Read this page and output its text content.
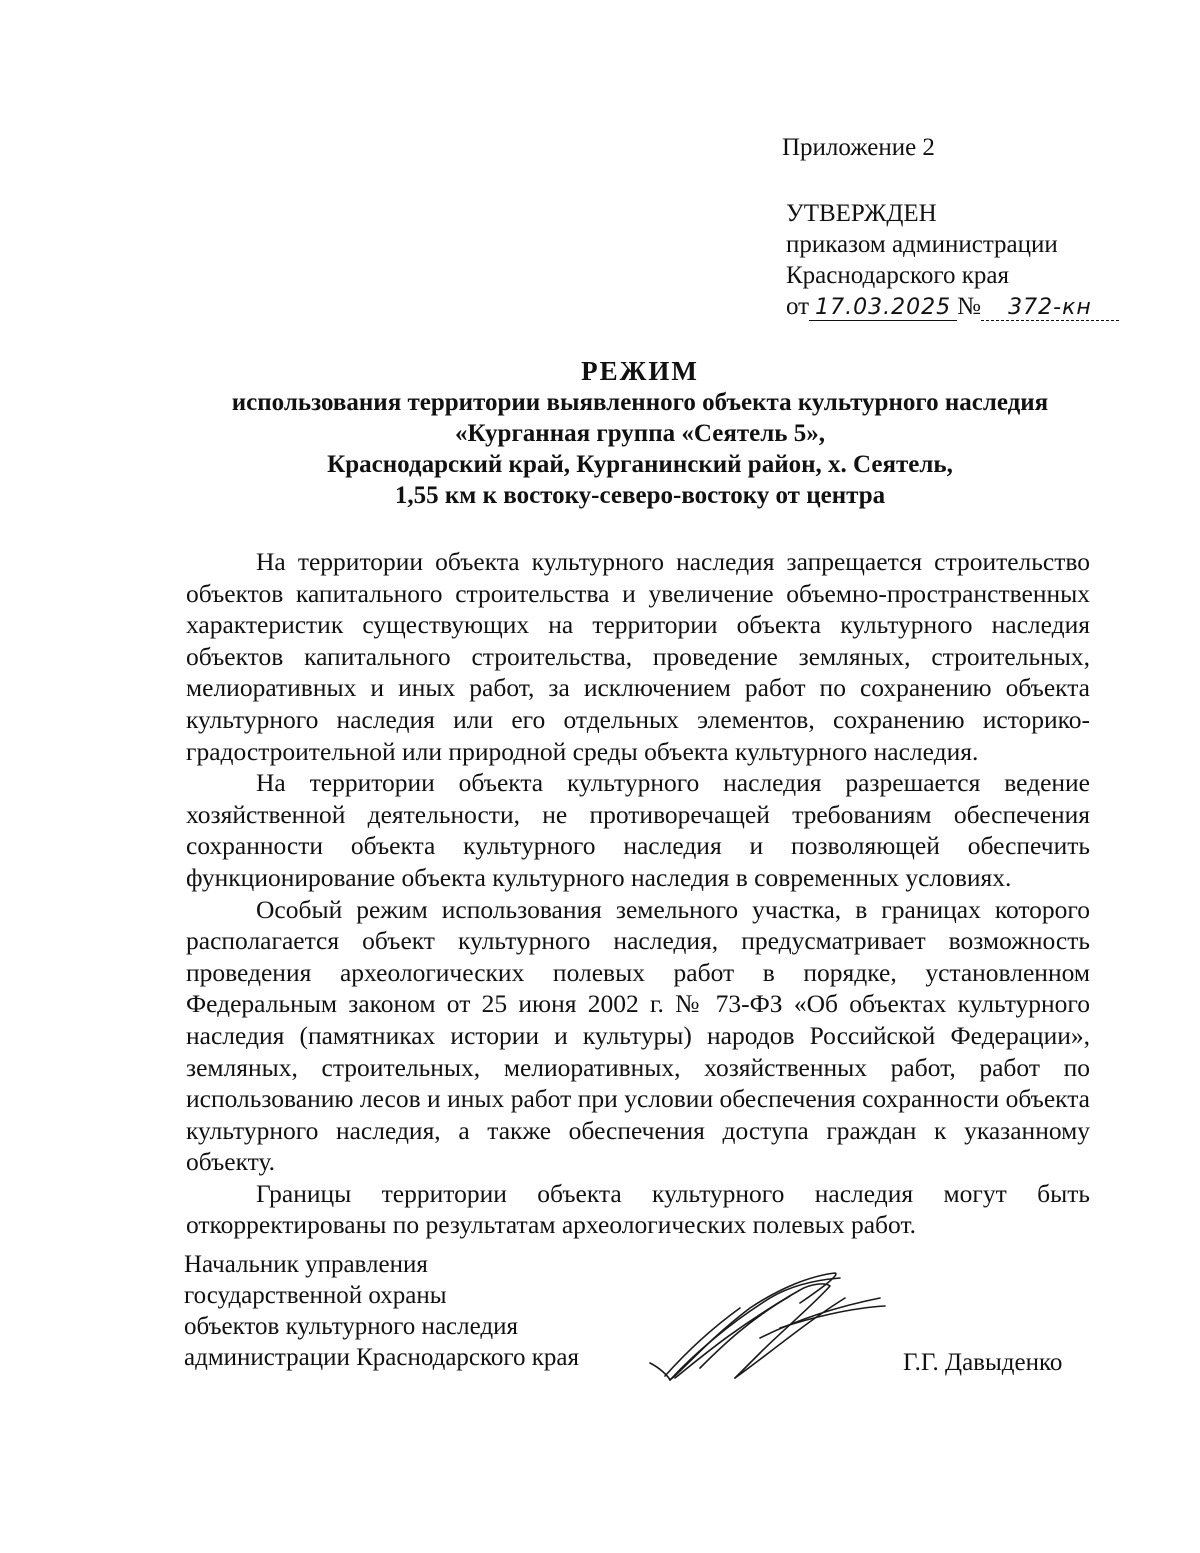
Приложение 2
УТВЕРЖДЕН
приказом администрации
Краснодарского края
от 17.03.2025 № 372-кн
РЕЖИМ
использования территории выявленного объекта культурного наследия
«Курганная группа «Сеятель 5»,
Краснодарский край, Курганинский район, х. Сеятель,
1,55 км к востоку-северо-востоку от центра

На территории объекта культурного наследия запрещается строительство объектов капитального строительства и увеличение объемно-пространственных характеристик существующих на территории объекта культурного наследия объектов капитального строительства, проведение земляных, строительных, мелиоративных и иных работ, за исключением работ по сохранению объекта культурного наследия или его отдельных элементов, сохранению историко-градостроительной или природной среды объекта культурного наследия.

На территории объекта культурного наследия разрешается ведение хозяйственной деятельности, не противоречащей требованиям обеспечения сохранности объекта культурного наследия и позволяющей обеспечить функционирование объекта культурного наследия в современных условиях.

Особый режим использования земельного участка, в границах которого располагается объект культурного наследия, предусматривает возможность проведения археологических полевых работ в порядке, установленном Федеральным законом от 25 июня 2002 г. № 73-ФЗ «Об объектах культурного наследия (памятниках истории и культуры) народов Российской Федерации», земляных, строительных, мелиоративных, хозяйственных работ, работ по использованию лесов и иных работ при условии обеспечения сохранности объекта культурного наследия, а также обеспечения доступа граждан к указанному объекту.

Границы территории объекта культурного наследия могут быть откорректированы по результатам археологических полевых работ.

Начальник управления
государственной охраны
объектов культурного наследия
администрации Краснодарского края	Г.Г. Давыденко
